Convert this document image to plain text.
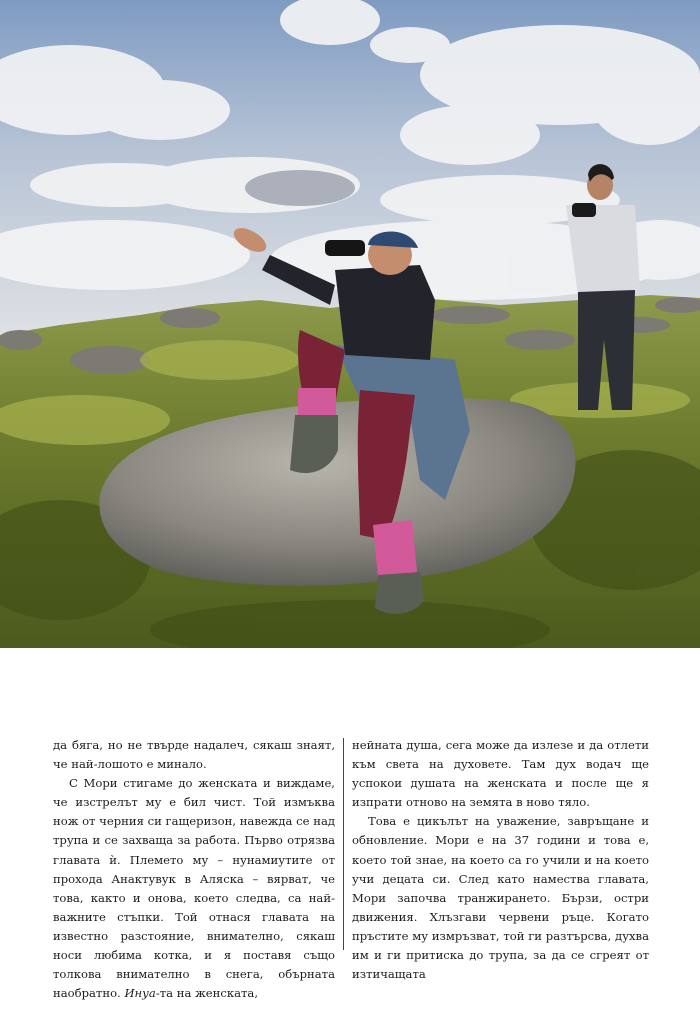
да бяга, но не твърде надалеч, сякаш знаят, че най-лошото е минало.

С Мори стигаме до женската и виждаме, че изстрелът му е бил чист. Той измъква нож от черния си гащеризон, навежда се над трупа и се захваща за работа. Първо отрязва главата ѝ. Племето му – нунамиутите от прохода Анактувук в Аляска – вярват, че това, както и онова, което следва, са най-важните стъпки. Той отнася главата на известно разстояние, внимателно, сякаш носи любима котка, и я поставя също толкова внимателно в снега, обърната наобратно. Инуа-та на женската,

нейната душа, сега може да излезе и да отлети към света на духовете. Там дух водач ще успокои душата на женската и после ще я изпрати отново на земята в ново тяло.

Това е цикълът на уважение, завръщане и обновление. Мори е на 37 години и това е, което той знае, на което са го учили и на което учи децата си. След като намества главата, Мори започва транжирането. Бързи, остри движения. Хлъзгави червени ръце. Когато пръстите му измръзват, той ги разтърсва, духва им и ги притиска до трупа, за да се сгреят от изтичащата
